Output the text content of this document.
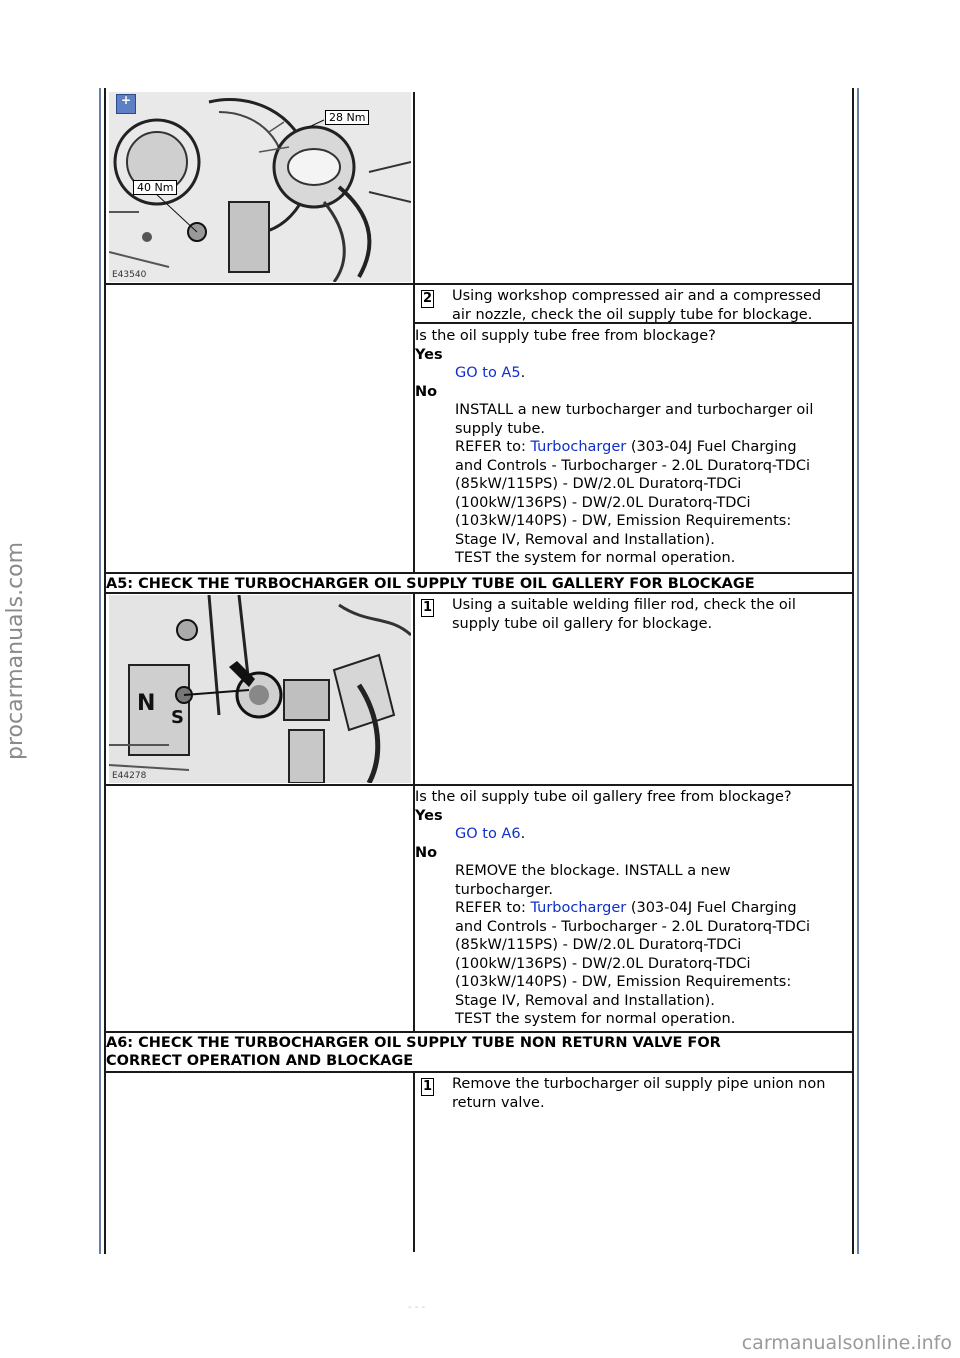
procarmanuals.com
carmanualsonline.info
- - -
28 Nm
40 Nm
E43540
+
2 Using workshop compressed air and a compressed
air nozzle, check the oil supply tube for blockage.
Is the oil supply tube free from blockage?
Yes
GO to A5.
No
INSTALL a new turbocharger and turbocharger oil
supply tube.
REFER to: Turbocharger (303-04J Fuel Charging
and Controls - Turbocharger - 2.0L Duratorq-TDCi
(85kW/115PS) - DW/2.0L Duratorq-TDCi
(100kW/136PS) - DW/2.0L Duratorq-TDCi
(103kW/140PS) - DW, Emission Requirements:
Stage IV, Removal and Installation).
TEST the system for normal operation.
A5: CHECK THE TURBOCHARGER OIL SUPPLY TUBE OIL GALLERY FOR BLOCKAGE
N
S
E44278
1 Using a suitable welding filler rod, check the oil
supply tube oil gallery for blockage.
Is the oil supply tube oil gallery free from blockage?
Yes
GO to A6.
No
REMOVE the blockage. INSTALL a new
turbocharger.
REFER to: Turbocharger (303-04J Fuel Charging
and Controls - Turbocharger - 2.0L Duratorq-TDCi
(85kW/115PS) - DW/2.0L Duratorq-TDCi
(100kW/136PS) - DW/2.0L Duratorq-TDCi
(103kW/140PS) - DW, Emission Requirements:
Stage IV, Removal and Installation).
TEST the system for normal operation.
A6: CHECK THE TURBOCHARGER OIL SUPPLY TUBE NON RETURN VALVE FOR
CORRECT OPERATION AND BLOCKAGE
1 Remove the turbocharger oil supply pipe union non
return valve.
